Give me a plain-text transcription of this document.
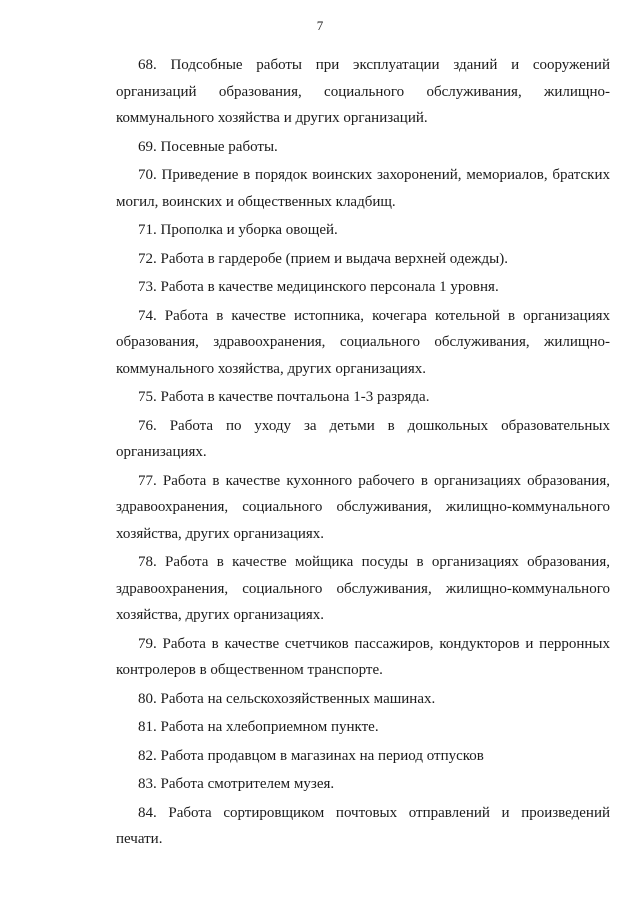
7

68. Подсобные работы при эксплуатации зданий и сооружений организаций образования, социального обслуживания, жилищно-коммунального хозяйства и других организаций.

69. Посевные работы.

70. Приведение в порядок воинских захоронений, мемориалов, братских могил, воинских и общественных кладбищ.

71. Прополка и уборка овощей.

72. Работа в гардеробе (прием и выдача верхней одежды).

73. Работа в качестве медицинского персонала 1 уровня.

74. Работа в качестве истопника, кочегара котельной в организациях образования, здравоохранения, социального обслуживания, жилищно-коммунального хозяйства, других организациях.

75. Работа в качестве почтальона 1-3 разряда.

76. Работа по уходу за детьми в дошкольных образовательных организациях.

77. Работа в качестве кухонного рабочего в организациях образования, здравоохранения, социального обслуживания, жилищно-коммунального хозяйства, других организациях.

78. Работа в качестве мойщика посуды в организациях образования, здравоохранения, социального обслуживания, жилищно-коммунального хозяйства, других организациях.

79. Работа в качестве счетчиков пассажиров, кондукторов и перронных контролеров в общественном транспорте.

80. Работа на сельскохозяйственных машинах.

81. Работа на хлебоприемном пункте.

82. Работа продавцом в магазинах на период отпусков

83. Работа смотрителем музея.

84. Работа сортировщиком почтовых отправлений и произведений печати.
